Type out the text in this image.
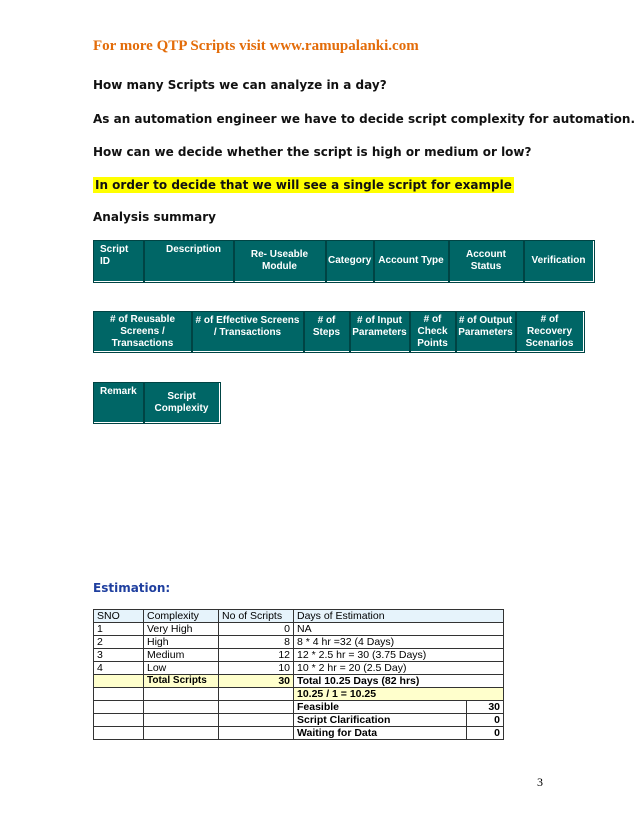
For more QTP Scripts visit www.ramupalanki.com
How many Scripts we can analyze in a day?
As an automation engineer we have to decide script complexity for automation.
How can we decide whether the script is high or medium or low?
In order to decide that we will see a single script for example
Analysis summary
Script ID	Description	Re- Useable Module	Category	Account Type	Account Status	Verification
# of Reusable Screens / Transactions	# of Effective Screens / Transactions	# of Steps	# of Input Parameters	# of Check Points	# of Output Parameters	# of Recovery Scenarios
Remark	Script Complexity
Estimation:
SNO	Complexity	No of Scripts	Days of Estimation	
1	Very High	0	NA	
2	High	8	8 * 4 hr =32 (4 Days)	
3	Medium	12	12 * 2.5 hr = 30 (3.75 Days)	
4	Low	10	10 * 2 hr = 20 (2.5 Day)	
	Total Scripts	30	Total 10.25 Days (82 hrs)	
			10.25 / 1 = 10.25	
			Feasible	30
			Script Clarification	0
			Waiting for Data	0
3
